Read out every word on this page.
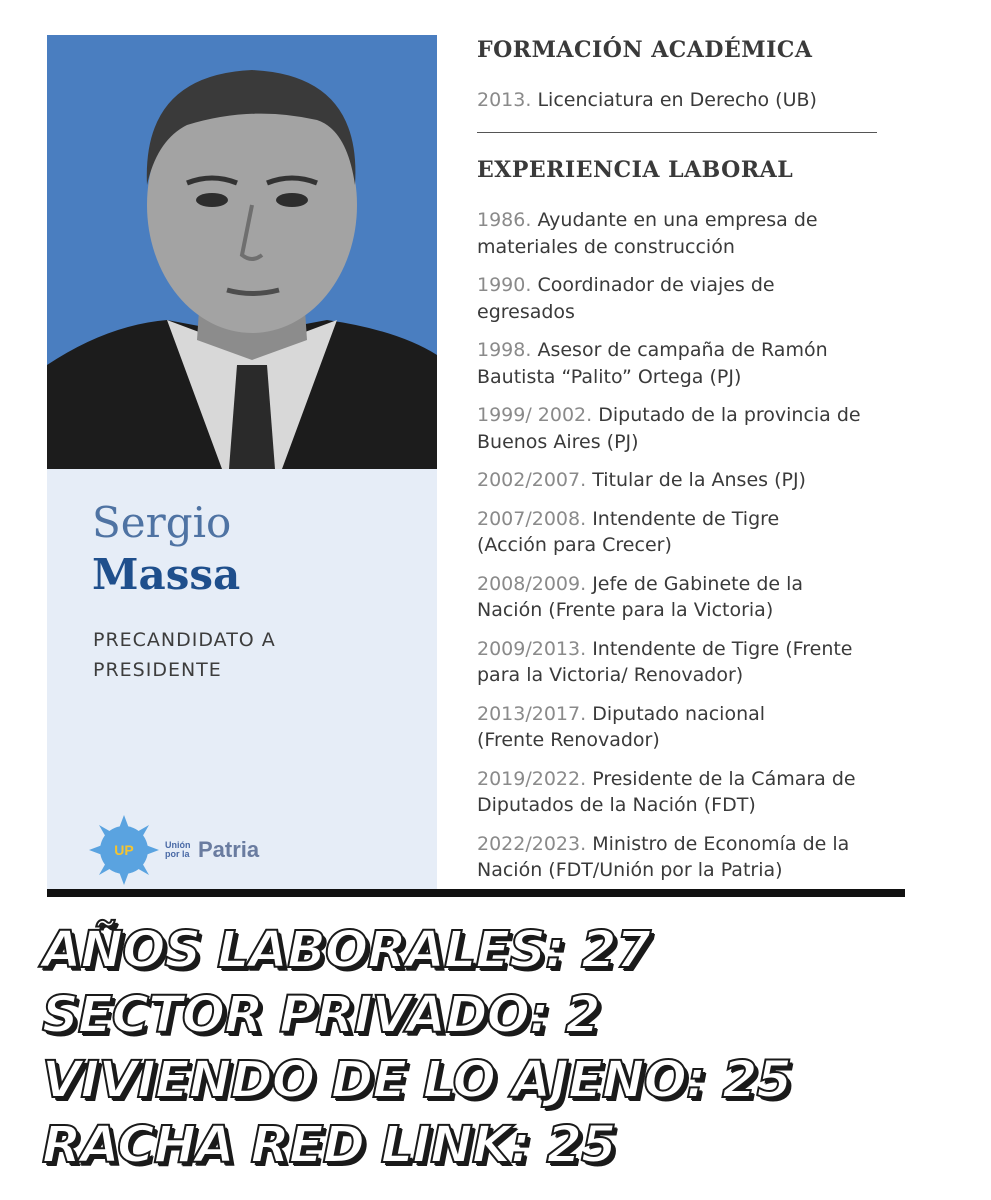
Sergio
Massa
PRECANDIDATO A PRESIDENTE
UP	Unión por la Patria
FORMACIÓN ACADÉMICA
2013. Licenciatura en Derecho (UB)
EXPERIENCIA LABORAL
1986. Ayudante en una empresa de materiales de construcción
1990. Coordinador de viajes de egresados
1998. Asesor de campaña de Ramón Bautista “Palito” Ortega (PJ)
1999/ 2002. Diputado de la provincia de Buenos Aires (PJ)
2002/2007. Titular de la Anses (PJ)
2007/2008. Intendente de Tigre (Acción para Crecer)
2008/2009. Jefe de Gabinete de la Nación (Frente para la Victoria)
2009/2013. Intendente de Tigre (Frente para la Victoria/ Renovador)
2013/2017. Diputado nacional (Frente Renovador)
2019/2022. Presidente de la Cámara de Diputados de la Nación (FDT)
2022/2023. Ministro de Economía de la Nación (FDT/Unión por la Patria)
AÑOS LABORALES: 27
SECTOR PRIVADO: 2
VIVIENDO DE LO AJENO: 25
RACHA RED LINK: 25
